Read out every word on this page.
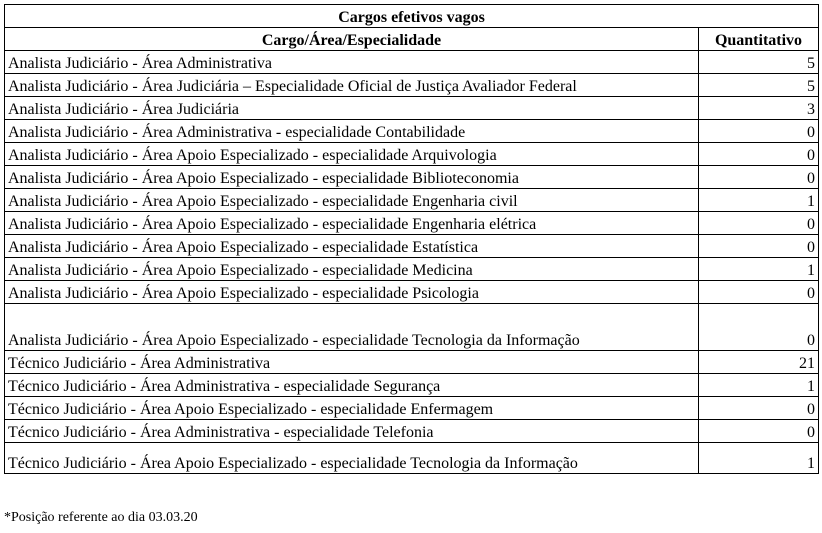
Cargos efetivos vagos	
Cargo/Área/Especialidade	Quantitativo
Analista Judiciário - Área Administrativa	5
Analista Judiciário - Área Judiciária – Especialidade Oficial de Justiça Avaliador Federal	5
Analista Judiciário - Área Judiciária	3
Analista Judiciário - Área Administrativa - especialidade Contabilidade	0
Analista Judiciário - Área Apoio Especializado - especialidade Arquivologia	0
Analista Judiciário - Área Apoio Especializado - especialidade Biblioteconomia	0
Analista Judiciário - Área Apoio Especializado - especialidade Engenharia civil	1
Analista Judiciário - Área Apoio Especializado - especialidade Engenharia elétrica	0
Analista Judiciário - Área Apoio Especializado - especialidade Estatística	0
Analista Judiciário - Área Apoio Especializado - especialidade Medicina	1
Analista Judiciário - Área Apoio Especializado - especialidade Psicologia	0
Analista Judiciário - Área Apoio Especializado - especialidade Tecnologia da Informação	0
Técnico Judiciário - Área Administrativa	21
Técnico Judiciário - Área Administrativa - especialidade Segurança	1
Técnico Judiciário - Área Apoio Especializado - especialidade Enfermagem	0
Técnico Judiciário - Área Administrativa - especialidade Telefonia	0
Técnico Judiciário - Área Apoio Especializado - especialidade Tecnologia da Informação	1
*Posição referente ao dia 03.03.20
